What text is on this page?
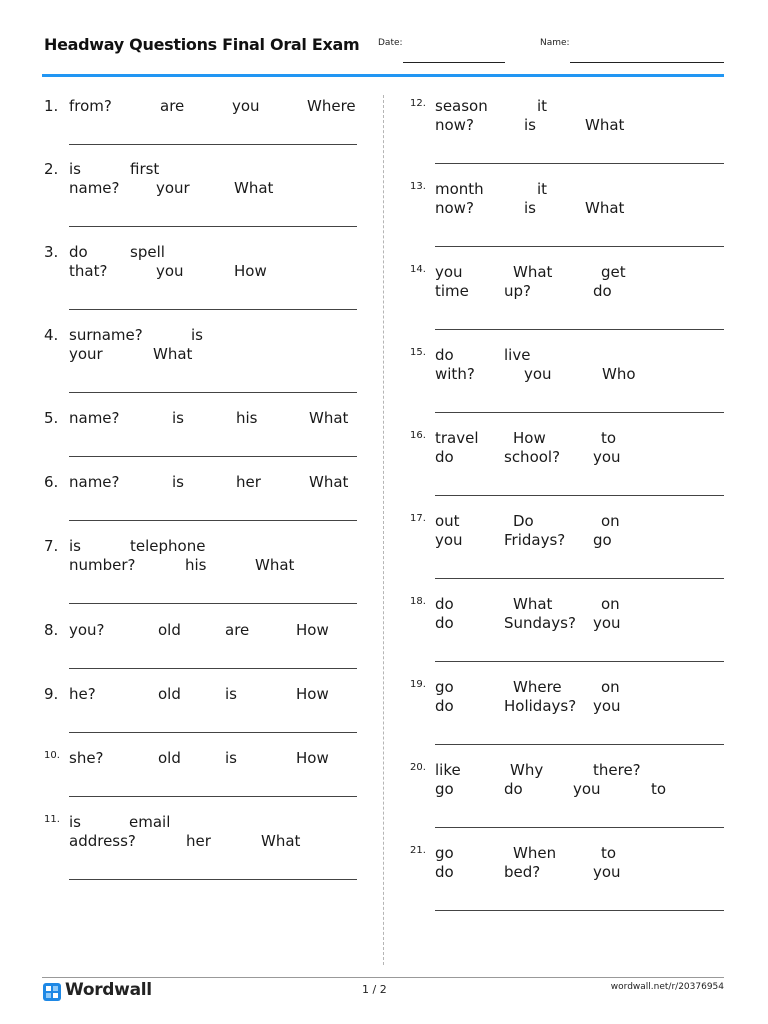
Headway Questions Final Oral Exam Date:	Name:
1. from?	are	you	Where
2. is	first
name? your	What
3. do	spell
that?	you	How
4. surname?	is
your	What
5. name?	is	his	What
6. name?	is	her	What
7. is	telephone
number?	his	What
8. you?	old	are	How
9. he?	old	is	How
10. she?	old	is	How
11. is	email
address?	her	What
12. season	it
now?	is	What
13. month	it
now?	is	What
14. you	What	get
time up?	do
15. do	live
with?	you	Who
16. travel How	to
do	school? you
17. out	Do	on
you	Fridays? go
18. do	What	on
do	Sundays? you
19. go	Where	on
do	Holidays? you
20. like	Why	there?
go	do	you	to
21. go	When	to
do	bed?	you
Wordwall	1 / 2	wordwall.net/r/20376954
